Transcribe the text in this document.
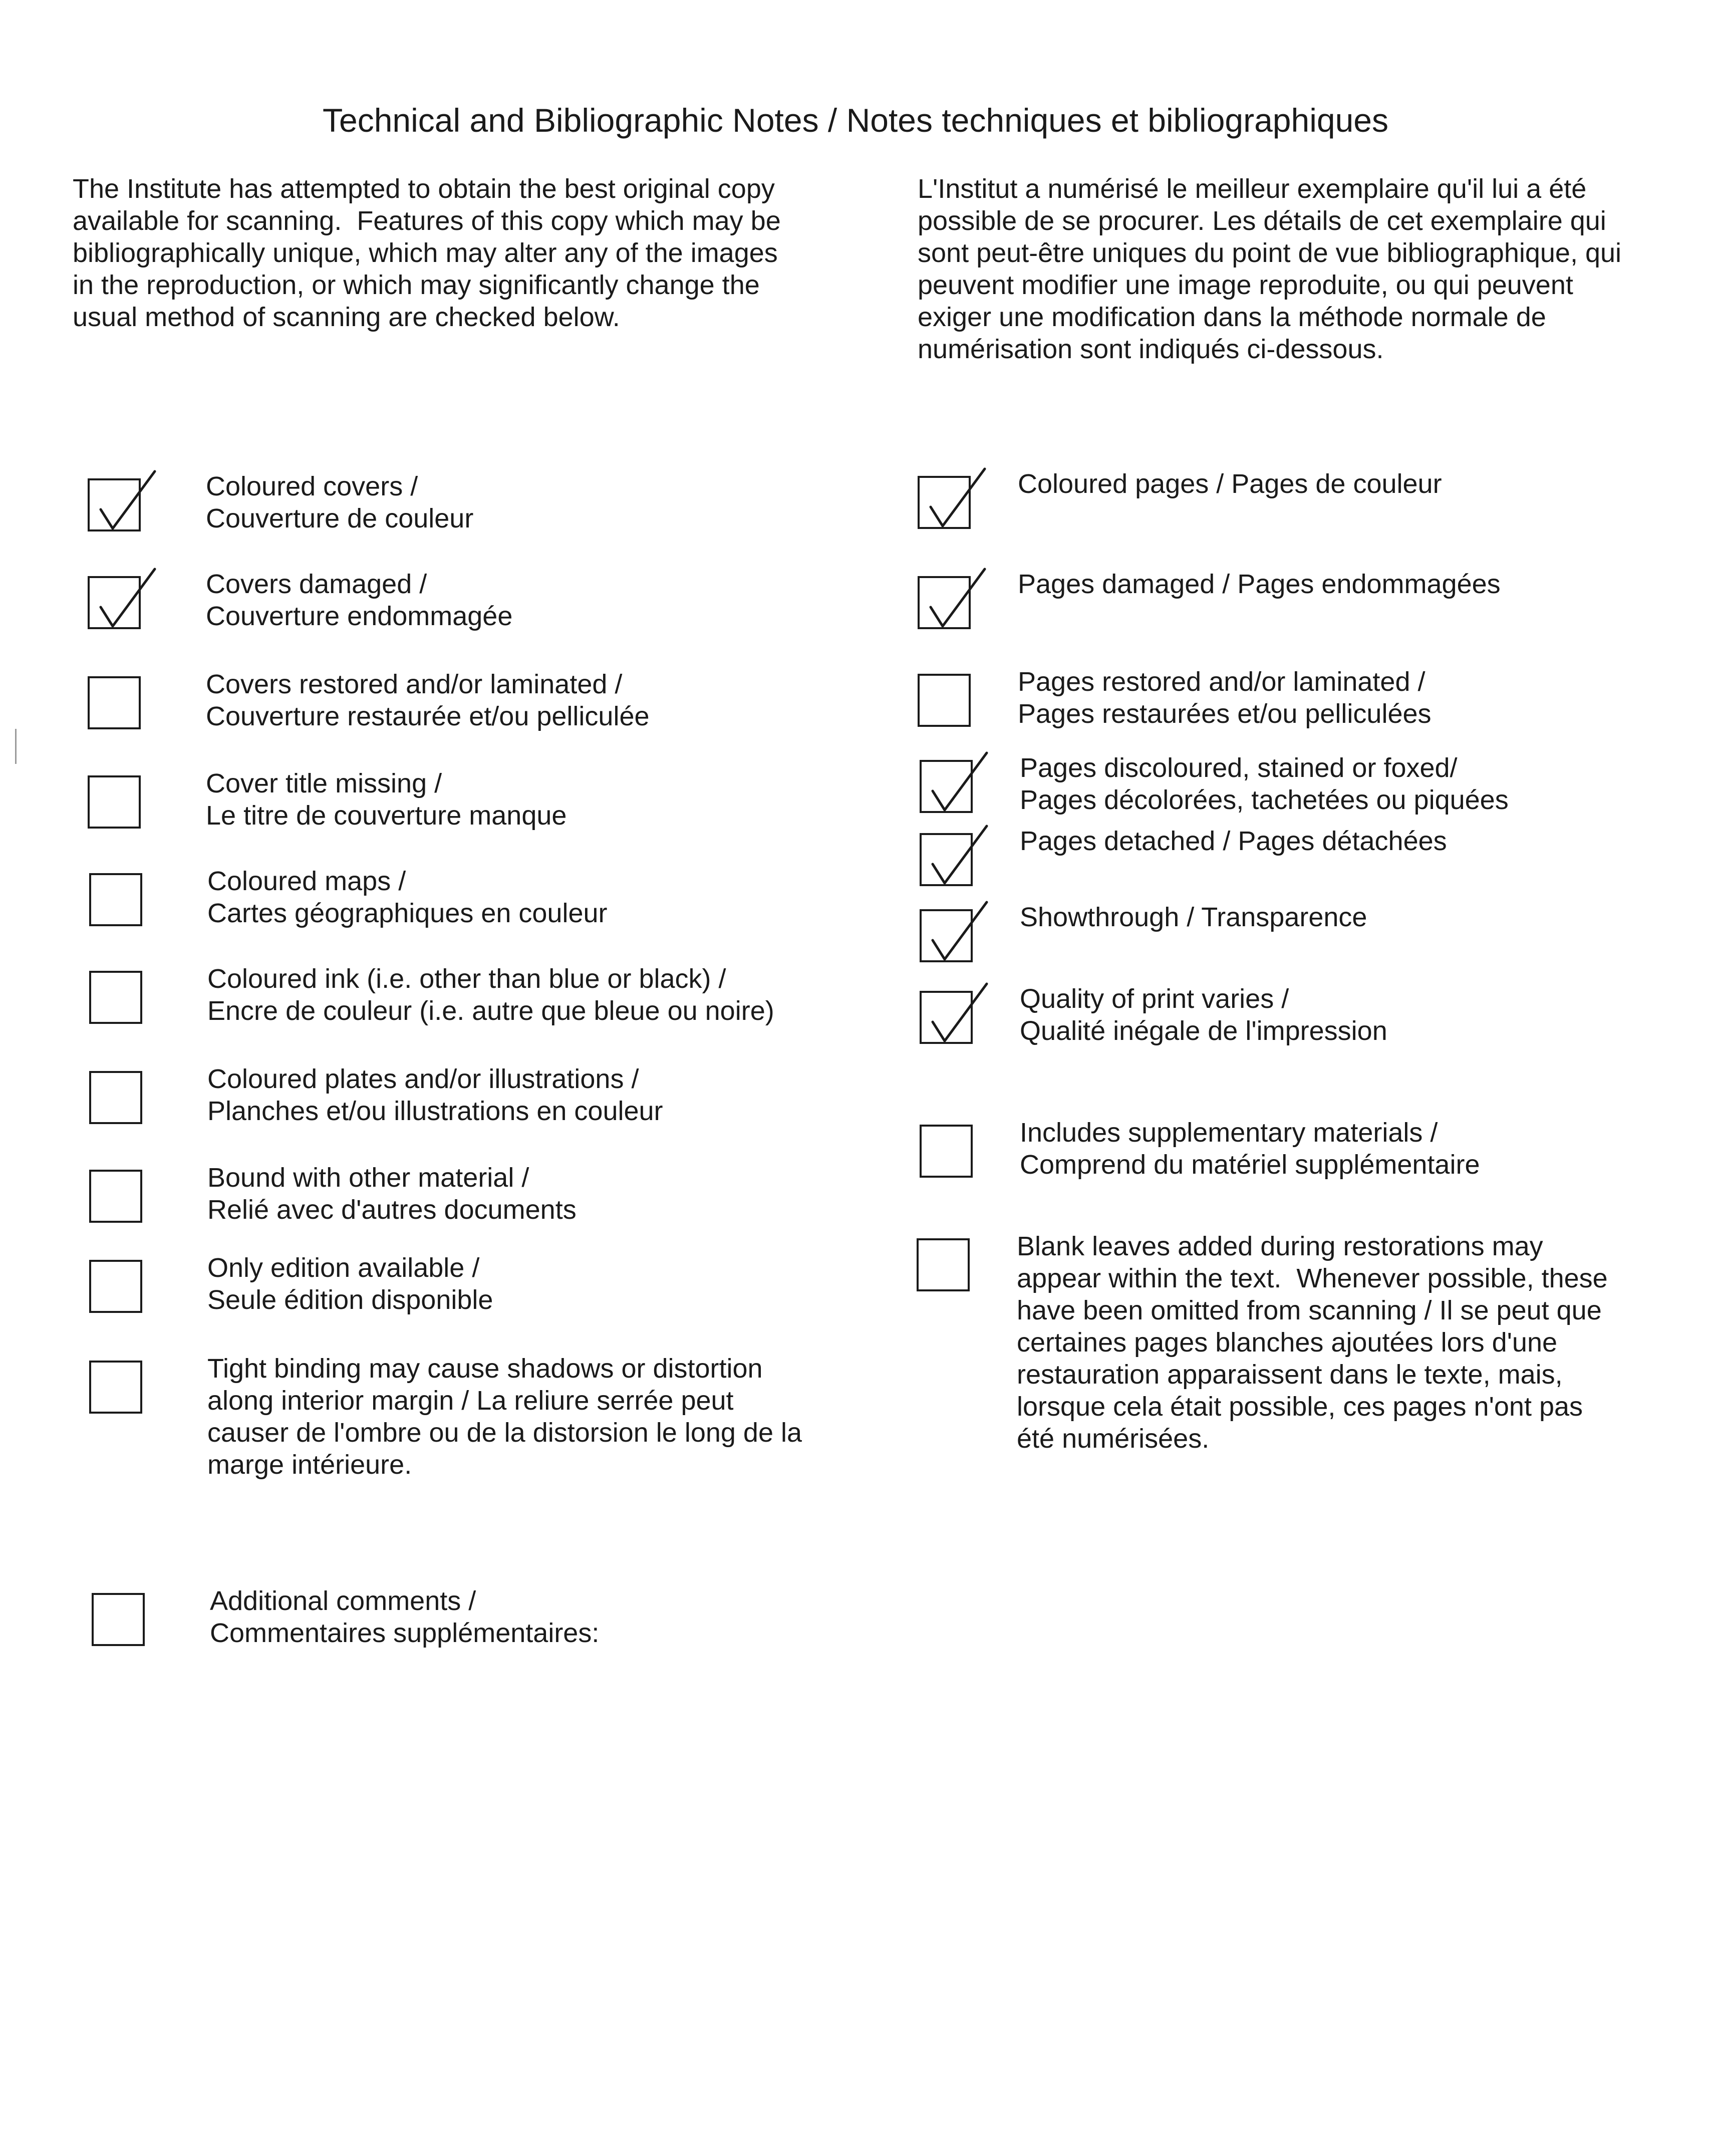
Technical and Bibliographic Notes / Notes techniques et bibliographiques
The Institute has attempted to obtain the best original copy
available for scanning.  Features of this copy which may be
bibliographically unique, which may alter any of the images
in the reproduction, or which may significantly change the
usual method of scanning are checked below.
L'Institut a numérisé le meilleur exemplaire qu'il lui a été
possible de se procurer. Les détails de cet exemplaire qui
sont peut-être uniques du point de vue bibliographique, qui
peuvent modifier une image reproduite, ou qui peuvent
exiger une modification dans la méthode normale de
numérisation sont indiqués ci-dessous.
Coloured covers /
Couverture de couleur
Covers damaged /
Couverture endommagée
Covers restored and/or laminated /
Couverture restaurée et/ou pelliculée
Cover title missing /
Le titre de couverture manque
Coloured maps /
Cartes géographiques en couleur
Coloured ink (i.e. other than blue or black) /
Encre de couleur (i.e. autre que bleue ou noire)
Coloured plates and/or illustrations /
Planches et/ou illustrations en couleur
Bound with other material /
Relié avec d'autres documents
Only edition available /
Seule édition disponible
Tight binding may cause shadows or distortion
along interior margin / La reliure serrée peut
causer de l'ombre ou de la distorsion le long de la
marge intérieure.
Additional comments /
Commentaires supplémentaires:
Coloured pages / Pages de couleur
Pages damaged / Pages endommagées
Pages restored and/or laminated /
Pages restaurées et/ou pelliculées
Pages discoloured, stained or foxed/
Pages décolorées, tachetées ou piquées
Pages detached / Pages détachées
Showthrough / Transparence
Quality of print varies /
Qualité inégale de l'impression
Includes supplementary materials /
Comprend du matériel supplémentaire
Blank leaves added during restorations may
appear within the text.  Whenever possible, these
have been omitted from scanning / Il se peut que
certaines pages blanches ajoutées lors d'une
restauration apparaissent dans le texte, mais,
lorsque cela était possible, ces pages n'ont pas
été numérisées.
